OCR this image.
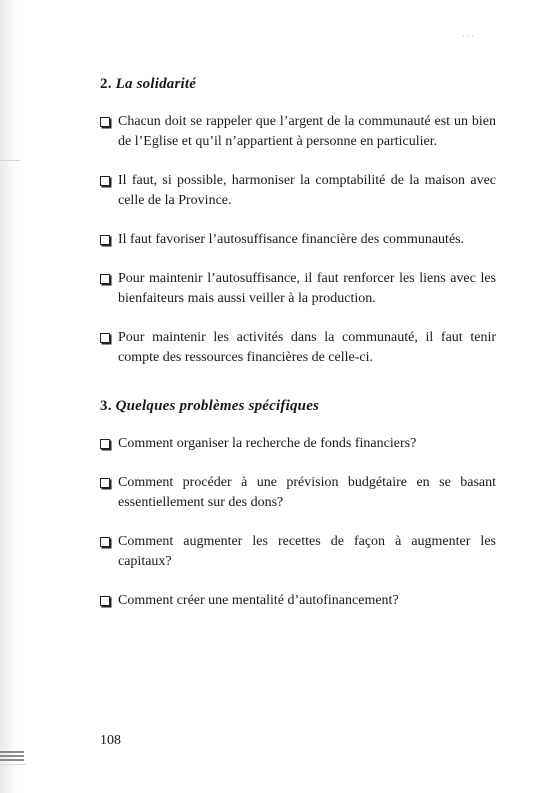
· · ·
2. La solidarité
Chacun doit se rappeler que l’argent de la communauté est un bien de l’Eglise et qu’il n’appartient à personne en particulier.
Il faut, si possible, harmoniser la comptabilité de la maison avec celle de la Province.
Il faut favoriser l’autosuffisance financière des communautés.
Pour maintenir l’autosuffisance, il faut renforcer les liens avec les bienfaiteurs mais aussi veiller à la production.
Pour maintenir les activités dans la communauté, il faut tenir compte des ressources financières de celle-ci.
3. Quelques problèmes spécifiques
Comment organiser la recherche de fonds financiers?
Comment procéder à une prévision budgétaire en se basant essentiellement sur des dons?
Comment augmenter les recettes de façon à augmenter les capitaux?
Comment créer une mentalité d’autofinancement?
108
